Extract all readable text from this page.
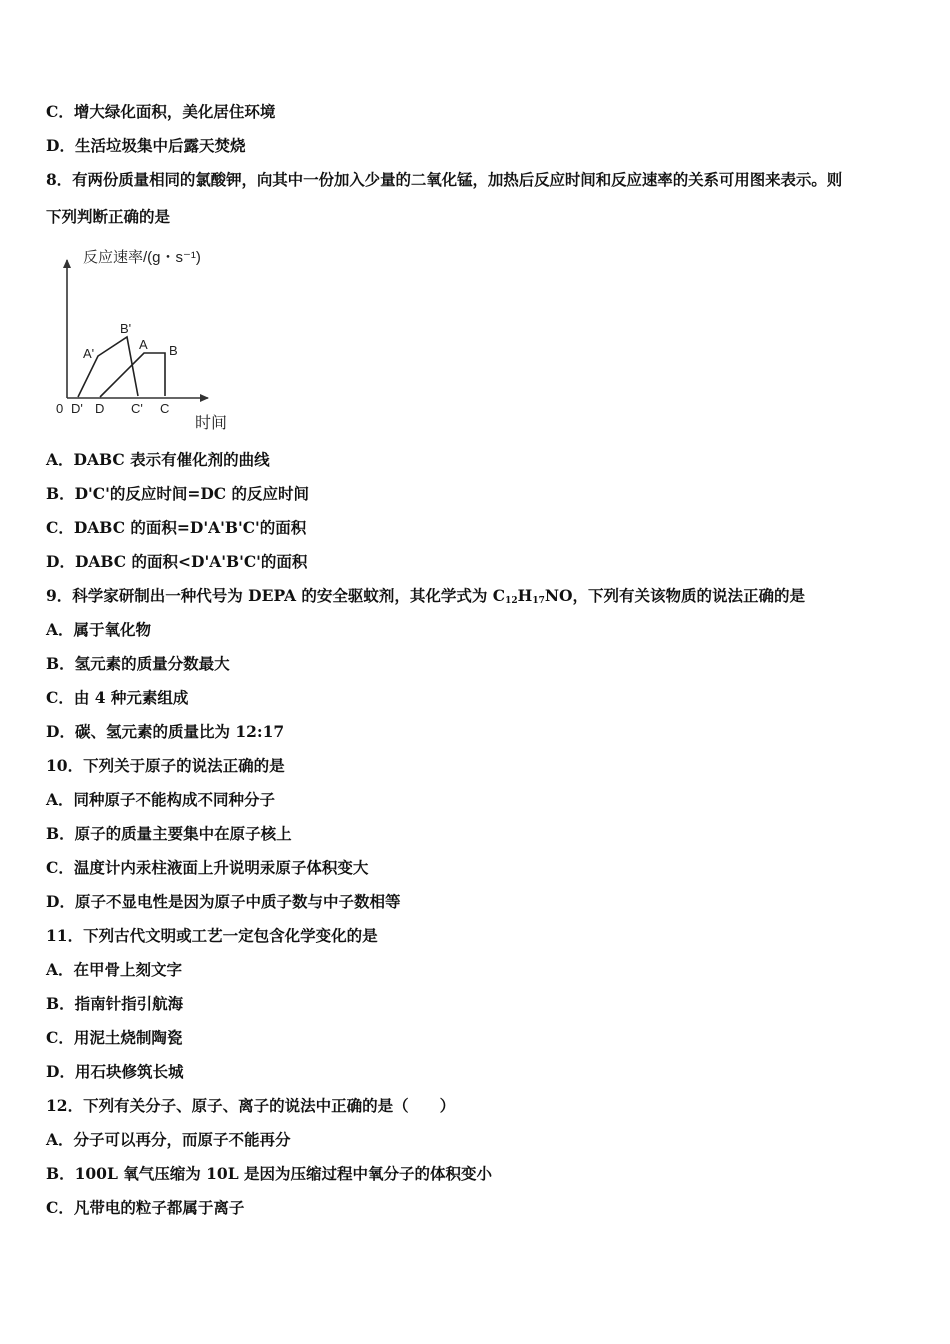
C．增大绿化面积，美化居住环境
D．生活垃圾集中后露天焚烧
8．有两份质量相同的氯酸钾，向其中一份加入少量的二氧化锰，加热后反应时间和反应速率的关系可用图来表示。则
下列判断正确的是
反应速率/(g・s⁻¹)
时间
A'
B'
A B
0 D' D C' C
A．DABC 表示有催化剂的曲线
B．D'C'的反应时间=DC 的反应时间
C．DABC 的面积=D'A'B'C'的面积
D．DABC 的面积<D'A'B'C'的面积
9．科学家研制出一种代号为 DEPA 的安全驱蚊剂，其化学式为 $C_{12}H_{17}NO$，下列有关该物质的说法正确的是
A．属于氧化物
B．氢元素的质量分数最大
C．由 4 种元素组成
D．碳、氢元素的质量比为 12:17
10．下列关于原子的说法正确的是
A．同种原子不能构成不同种分子
B．原子的质量主要集中在原子核上
C．温度计内汞柱液面上升说明汞原子体积变大
D．原子不显电性是因为原子中质子数与中子数相等
11．下列古代文明或工艺一定包含化学变化的是
A．在甲骨上刻文字
B．指南针指引航海
C．用泥土烧制陶瓷
D．用石块修筑长城
12．下列有关分子、原子、离子的说法中正确的是（　　）
A．分子可以再分，而原子不能再分
B．100L 氧气压缩为 10L 是因为压缩过程中氧分子的体积变小
C．凡带电的粒子都属于离子
